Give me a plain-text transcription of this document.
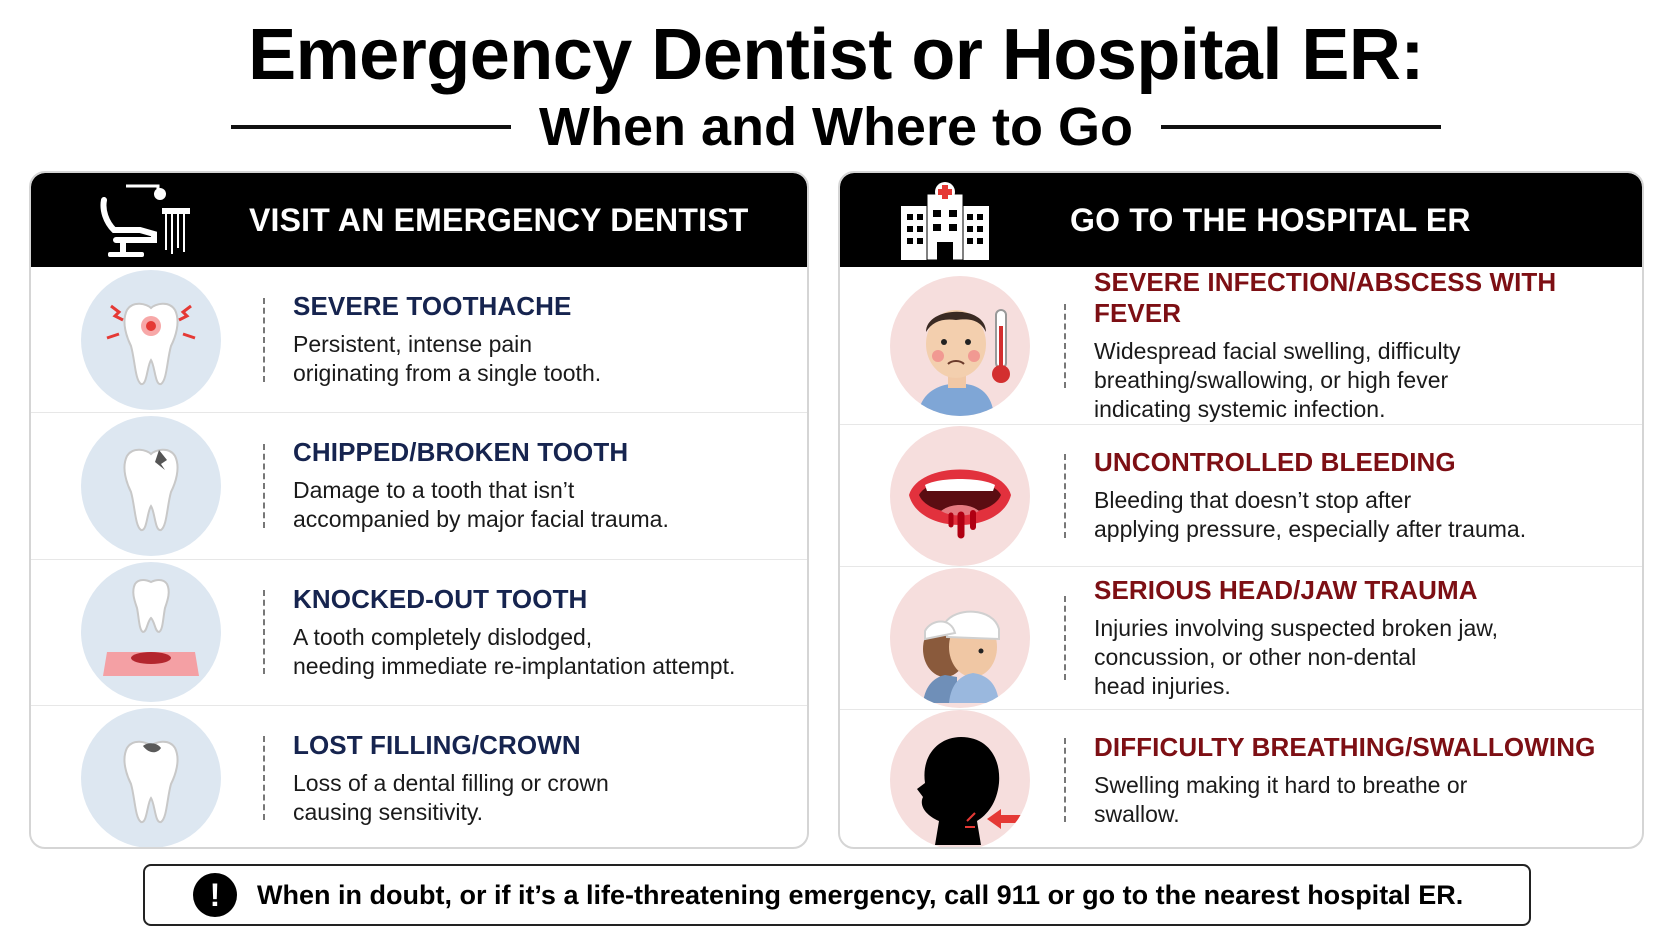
Emergency Dentist or Hospital ER:
When and Where to Go
VISIT AN EMERGENCY DENTIST
SEVERE TOOTHACHE
Persistent, intense pain
originating from a single tooth.
CHIPPED/BROKEN TOOTH
Damage to a tooth that isn’t
accompanied by major facial trauma.
KNOCKED-OUT TOOTH
A tooth completely dislodged,
needing immediate re-implantation attempt.
LOST FILLING/CROWN
Loss of a dental filling or crown
causing sensitivity.
GO TO THE HOSPITAL ER
SEVERE INFECTION/ABSCESS WITH FEVER
Widespread facial swelling, difficulty
breathing/swallowing, or high fever
indicating systemic infection.
UNCONTROLLED BLEEDING
Bleeding that doesn’t stop after
applying pressure, especially after trauma.
SERIOUS HEAD/JAW TRAUMA
Injuries involving suspected broken jaw,
concussion, or other non-dental
head injuries.
DIFFICULTY BREATHING/SWALLOWING
Swelling making it hard to breathe or
swallow.
!	When in doubt, or if it’s a life-threatening emergency, call 911 or go to the nearest hospital ER.
